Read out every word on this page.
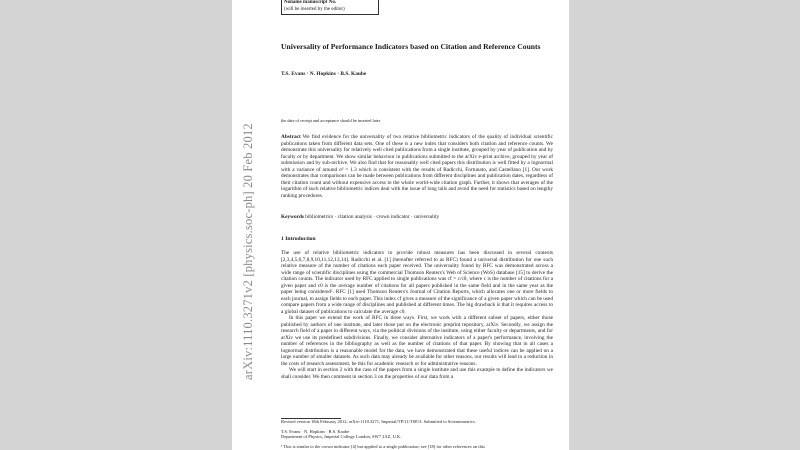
arXiv:1110.3271v2 [physics.soc-ph] 20 Feb 2012
Noname manuscript No.
(will be inserted by the editor)
Universality of Performance Indicators based on Citation and Reference Counts
T.S. Evans · N. Hopkins · B.S. Kaube
the date of receipt and acceptance should be inserted later
Abstract We find evidence for the universality of two relative bibliometric indicators of the quality of individual scientific publications taken from different data sets. One of these is a new index that considers both citation and reference counts. We demonstrate this universality for relatively well cited publications from a single institute, grouped by year of publication and by faculty or by department. We show similar behaviour in publications submitted to the arXiv e-print archive, grouped by year of submission and by sub-archive. We also find that for reasonably well cited papers this distribution is well fitted by a lognormal with a variance of around σ² = 1.3 which is consistent with the results of Radicchi, Fortunato, and Castellano [1]. Our work demonstrates that comparisons can be made between publications from different disciplines and publication dates, regardless of their citation count and without expensive access to the whole world-wide citation graph. Further, it shows that averages of the logarithm of such relative bibliometric indices deal with the issue of long tails and avoid the need for statistics based on lengthy ranking procedures.
Keywords bibliometrics · citation analysis · crown indicator · universality
1 Introduction

The use of relative bibliometric indicators to provide robust measures has been discussed in several contexts [2,3,4,5,6,7,8,9,10,11,12,13,14]. Radicchi et al. [1] (hereafter referred to as RFC) found a universal distribution for one such relative measure of the number of citations each paper received. The universality found by RFC was demonstrated across a wide range of scientific disciplines using the commercial Thomson Reuters's Web of Science (WoS) database [15] to derive the citation counts. The indicator used by RFC applied to single publications was cf = c/c0, where c is the number of citations for a given paper and c0 is the average number of citations for all papers published in the same field and in the same year as the paper being considered¹. RFC [1] used Thomson Reuters's Journal of Citation Reports, which allocates one or more fields to each journal, to assign fields to each paper. This index cf gives a measure of the significance of a given paper which can be used compare papers from a wide range of disciplines and published at different times. The big drawback is that it requires access to a global dataset of publications to calculate the average c0.

In this paper we extend the work of RFC in three ways. First, we work with a different subset of papers, either those published by authors of one institute, and later those put on the electronic preprint repository, arXiv. Secondly, we assign the research field of a paper in different ways, via the political divisions of the institute, using either faculty or departments, and for arXiv we use its predefined subdivisions. Finally, we consider alternative indicators of a paper's performance, involving the number of references in the bibliography as well as the number of citations of that paper. By showing that in all cases a lognormal distribution is a reasonable model for the data, we have demonstrated that these useful indices can be applied on a large number of smaller datasets. As such data may already be available for other reasons, our results will lead to a reduction in the costs of research assessment, be this for academic research or for administrative reasons.

We will start in section 2 with the case of the papers from a single institute and use this example to define the indicators we shall consider. We then comment in section 3 on the properties of our data from a

Revised version 18th February 2012, arXiv:1110.3271, Imperial/TP/11/TSE/3. Submitted to Scientometrics.
T.S. Evans · N. Hopkins · B.S. Kaube
Department of Physics, Imperial College London, SW7 2AZ, U.K.
¹ This is similar to the crown indicator [4] but applied to a single publication; see [18] for other references on this
